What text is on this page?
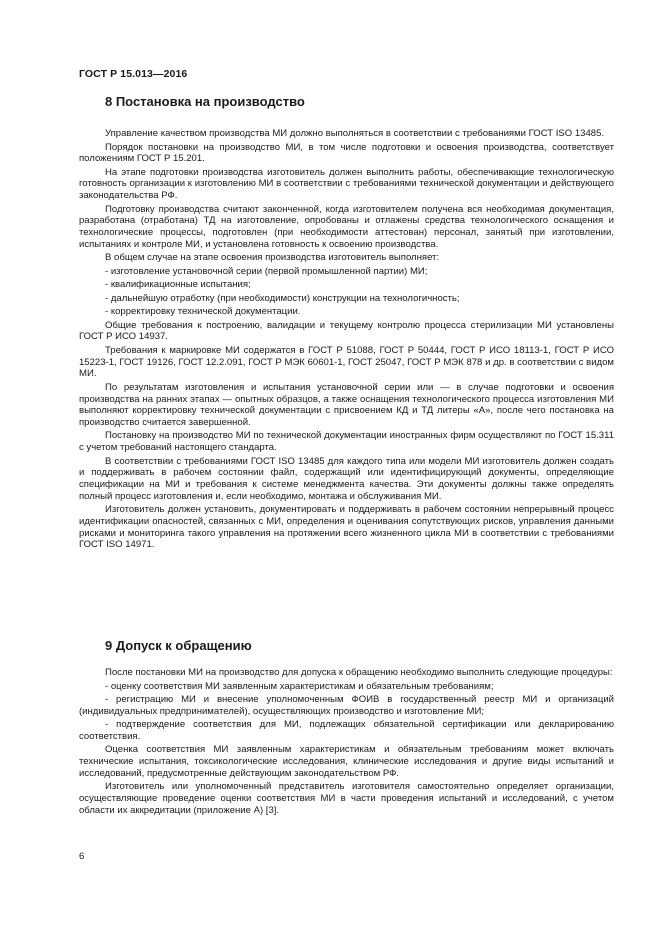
ГОСТ Р 15.013—2016
8 Постановка на производство

Управление качеством производства МИ должно выполняться в соответствии с требованиями ГОСТ ISO 13485.

Порядок постановки на производство МИ, в том числе подготовки и освоения производства, соответствует положениям ГОСТ Р 15.201.

На этапе подготовки производства изготовитель должен выполнить работы, обеспечивающие технологическую готовность организации к изготовлению МИ в соответствии с требованиями технической документации и действующего законодательства РФ.

Подготовку производства считают законченной, когда изготовителем получена вся необходимая документация, разработана (отработана) ТД на изготовление, опробованы и отлажены средства технологического оснащения и технологические процессы, подготовлен (при необходимости аттестован) персонал, занятый при изготовлении, испытаниях и контроле МИ, и установлена готовность к освоению производства.

В общем случае на этапе освоения производства изготовитель выполняет:

- изготовление установочной серии (первой промышленной партии) МИ;

- квалификационные испытания;

- дальнейшую отработку (при необходимости) конструкции на технологичность;

- корректировку технической документации.

Общие требования к построению, валидации и текущему контролю процесса стерилизации МИ установлены ГОСТ Р ИСО 14937.

Требования к маркировке МИ содержатся в ГОСТ Р 51088, ГОСТ Р 50444, ГОСТ Р ИСО 18113-1, ГОСТ Р ИСО 15223-1, ГОСТ 19126, ГОСТ 12.2.091, ГОСТ Р МЭК 60601-1, ГОСТ 25047, ГОСТ Р МЭК 878 и др. в соответствии с видом МИ.

По результатам изготовления и испытания установочной серии или — в случае подготовки и освоения производства на ранних этапах — опытных образцов, а также оснащения технологического процесса изготовления МИ выполняют корректировку технической документации с присвоением КД и ТД литеры «А», после чего постановка на производство считается завершенной.

Постановку на производство МИ по технической документации иностранных фирм осуществляют по ГОСТ 15.311 с учетом требований настоящего стандарта.

В соответствии с требованиями ГОСТ ISO 13485 для каждого типа или модели МИ изготовитель должен создать и поддерживать в рабочем состоянии файл, содержащий или идентифицирующий документы, определяющие спецификации на МИ и требования к системе менеджмента качества. Эти документы должны также определять полный процесс изготовления и, если необходимо, монтажа и обслуживания МИ.

Изготовитель должен установить, документировать и поддерживать в рабочем состоянии непрерывный процесс идентификации опасностей, связанных с МИ, определения и оценивания сопутствующих рисков, управления данными рисками и мониторинга такого управления на протяжении всего жизненного цикла МИ в соответствии с требованиями ГОСТ ISO 14971.

9 Допуск к обращению

После постановки МИ на производство для допуска к обращению необходимо выполнить следующие процедуры:

- оценку соответствия МИ заявленным характеристикам и обязательным требованиям;

- регистрацию МИ и внесение уполномоченным ФОИВ в государственный реестр МИ и организаций (индивидуальных предпринимателей), осуществляющих производство и изготовление МИ;

- подтверждение соответствия для МИ, подлежащих обязательной сертификации или декларированию соответствия.

Оценка соответствия МИ заявленным характеристикам и обязательным требованиям может включать технические испытания, токсикологические исследования, клинические исследования и другие виды испытаний и исследований, предусмотренные действующим законодательством РФ.

Изготовитель или уполномоченный представитель изготовителя самостоятельно определяет организации, осуществляющие проведение оценки соответствия МИ в части проведения испытаний и исследований, с учетом области их аккредитации (приложение А) [3].

6
